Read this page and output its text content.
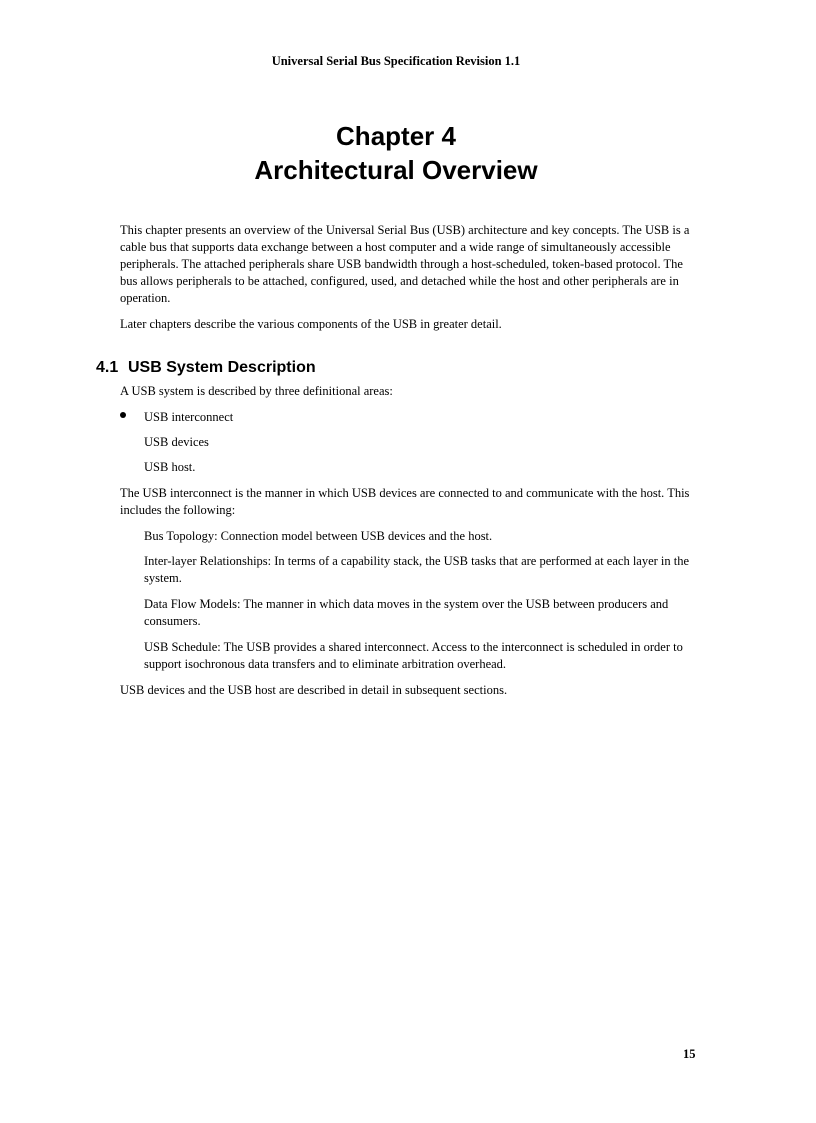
Universal Serial Bus Specification Revision 1.1
Chapter 4
Architectural Overview
This chapter presents an overview of the Universal Serial Bus (USB) architecture and key concepts. The USB is a cable bus that supports data exchange between a host computer and a wide range of simultaneously accessible peripherals. The attached peripherals share USB bandwidth through a host-scheduled, token-based protocol. The bus allows peripherals to be attached, configured, used, and detached while the host and other peripherals are in operation.
Later chapters describe the various components of the USB in greater detail.
4.1 USB System Description
A USB system is described by three definitional areas:
USB interconnect
USB devices
USB host.
The USB interconnect is the manner in which USB devices are connected to and communicate with the host. This includes the following:
Bus Topology: Connection model between USB devices and the host.
Inter-layer Relationships: In terms of a capability stack, the USB tasks that are performed at each layer in the system.
Data Flow Models: The manner in which data moves in the system over the USB between producers and consumers.
USB Schedule: The USB provides a shared interconnect. Access to the interconnect is scheduled in order to support isochronous data transfers and to eliminate arbitration overhead.
USB devices and the USB host are described in detail in subsequent sections.
15
